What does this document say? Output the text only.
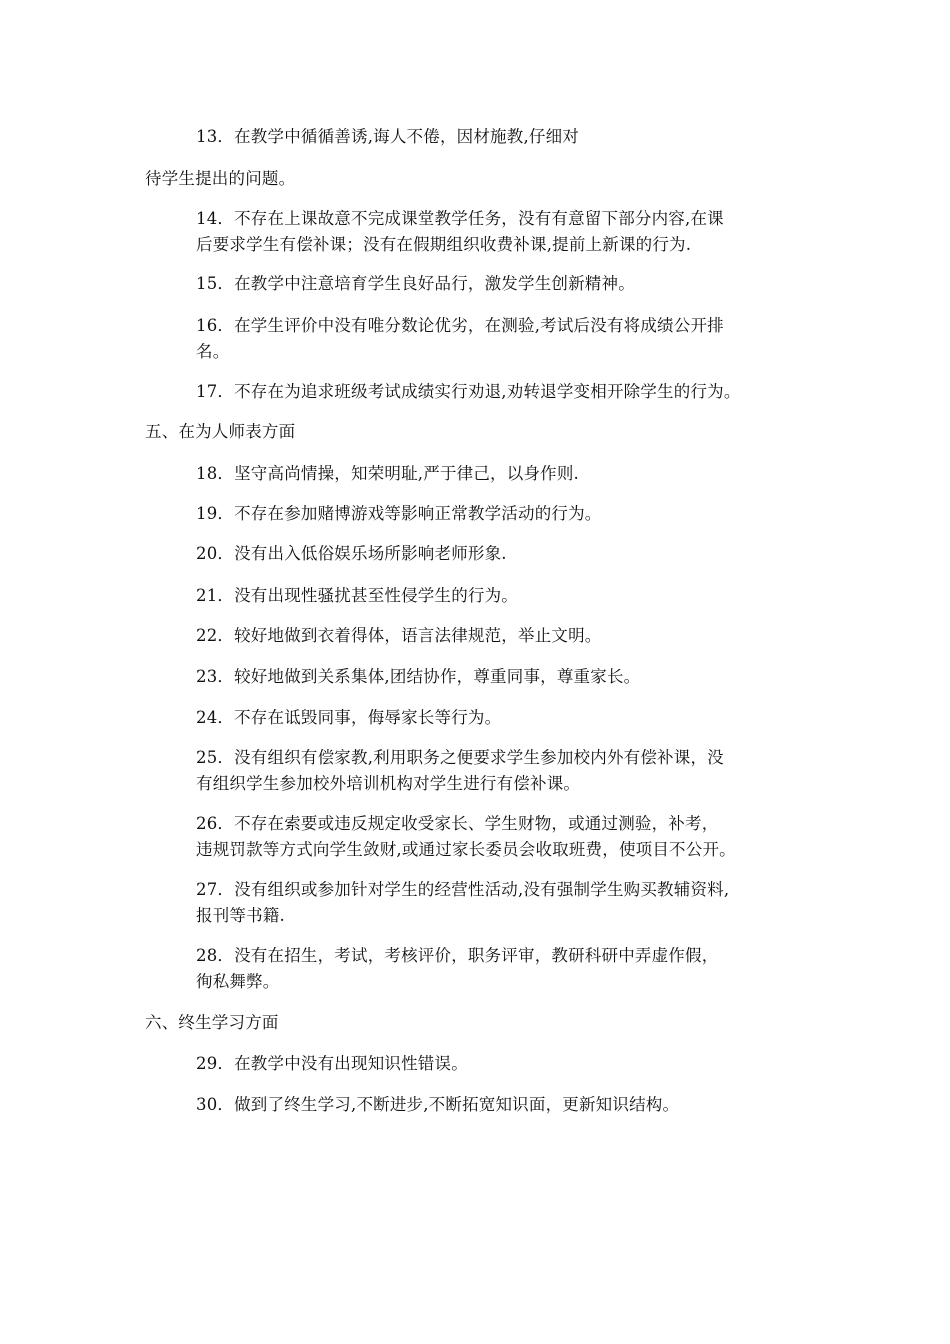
13．在教学中循循善诱,诲人不倦，因材施教,仔细对
待学生提出的问题。
14．不存在上课故意不完成课堂教学任务，没有有意留下部分内容,在课
后要求学生有偿补课；没有在假期组织收费补课,提前上新课的行为.
15．在教学中注意培育学生良好品行，激发学生创新精神。
16．在学生评价中没有唯分数论优劣，在测验,考试后没有将成绩公开排
名。
17．不存在为追求班级考试成绩实行劝退,劝转退学变相开除学生的行为。
五、在为人师表方面
18．坚守高尚情操，知荣明耻,严于律己，以身作则.
19．不存在参加赌博游戏等影响正常教学活动的行为。
20．没有出入低俗娱乐场所影响老师形象.
21．没有出现性骚扰甚至性侵学生的行为。
22．较好地做到衣着得体，语言法律规范，举止文明。
23．较好地做到关系集体,团结协作，尊重同事，尊重家长。
24．不存在诋毁同事，侮辱家长等行为。
25．没有组织有偿家教,利用职务之便要求学生参加校内外有偿补课，没
有组织学生参加校外培训机构对学生进行有偿补课。
26．不存在索要或违反规定收受家长、学生财物，或通过测验，补考，
违规罚款等方式向学生敛财,或通过家长委员会收取班费，使项目不公开。
27．没有组织或参加针对学生的经营性活动,没有强制学生购买教辅资料,
报刊等书籍.
28．没有在招生，考试，考核评价，职务评审，教研科研中弄虚作假，
徇私舞弊。
六、终生学习方面
29．在教学中没有出现知识性错误。
30．做到了终生学习,不断进步,不断拓宽知识面，更新知识结构。
